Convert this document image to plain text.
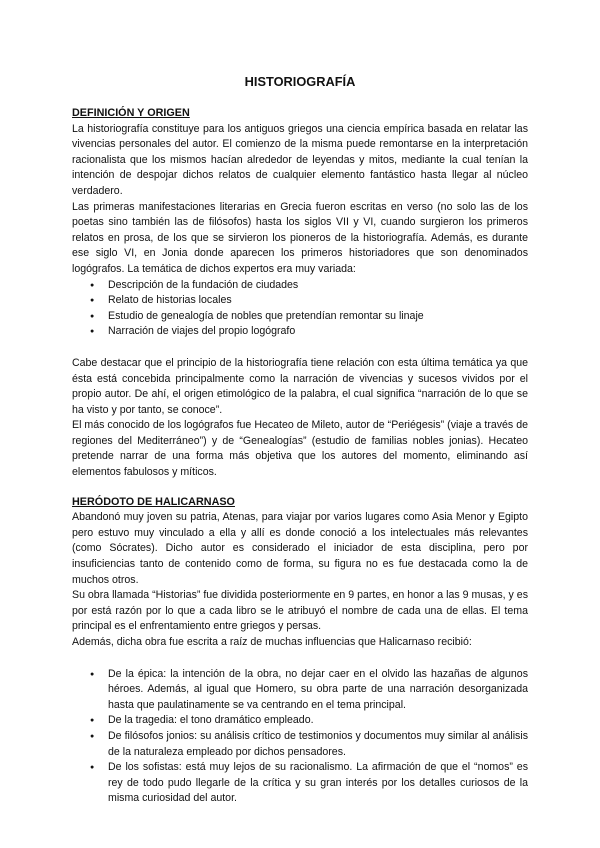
HISTORIOGRAFÍA
DEFINICIÓN Y ORIGEN

La historiografía constituye para los antiguos griegos una ciencia empírica basada en relatar las vivencias personales del autor. El comienzo de la misma puede remontarse en la interpretación racionalista que los mismos hacían alrededor de leyendas y mitos, mediante la cual tenían la intención de despojar dichos relatos de cualquier elemento fantástico hasta llegar al núcleo verdadero.

Las primeras manifestaciones literarias en Grecia fueron escritas en verso (no solo las de los poetas sino también las de filósofos) hasta los siglos VII y VI, cuando surgieron los primeros relatos en prosa, de los que se sirvieron los pioneros de la historiografía. Además, es durante ese siglo VI, en Jonia donde aparecen los primeros historiadores que son denominados logógrafos. La temática de dichos expertos era muy variada:

● Descripción de la fundación de ciudades
● Relato de historias locales
● Estudio de genealogía de nobles que pretendían remontar su linaje
● Narración de viajes del propio logógrafo

Cabe destacar que el principio de la historiografía tiene relación con esta última temática ya que ésta está concebida principalmente como la narración de vivencias y sucesos vividos por el propio autor. De ahí, el origen etimológico de la palabra, el cual significa “narración de lo que se ha visto y por tanto, se conoce”.

El más conocido de los logógrafos fue Hecateo de Mileto, autor de “Periégesis” (viaje a través de regiones del Mediterráneo”) y de “Genealogías” (estudio de familias nobles jonias). Hecateo pretende narrar de una forma más objetiva que los autores del momento, eliminando así elementos fabulosos y míticos.

HERÓDOTO DE HALICARNASO

Abandonó muy joven su patria, Atenas, para viajar por varios lugares como Asia Menor y Egipto pero estuvo muy vinculado a ella y allí es donde conoció a los intelectuales más relevantes (como Sócrates). Dicho autor es considerado el iniciador de esta disciplina, pero por insuficiencias tanto de contenido como de forma, su figura no es fue destacada como la de muchos otros.

Su obra llamada “Historias” fue dividida posteriormente en 9 partes, en honor a las 9 musas, y es por está razón por lo que a cada libro se le atribuyó el nombre de cada una de ellas. El tema principal es el enfrentamiento entre griegos y persas.

Además, dicha obra fue escrita a raíz de muchas influencias que Halicarnaso recibió:

● De la épica: la intención de la obra, no dejar caer en el olvido las hazañas de algunos héroes. Además, al igual que Homero, su obra parte de una narración desorganizada hasta que paulatinamente se va centrando en el tema principal.
● De la tragedia: el tono dramático empleado.
● De filósofos jonios: su análisis crítico de testimonios y documentos muy similar al análisis de la naturaleza empleado por dichos pensadores.
● De los sofistas: está muy lejos de su racionalismo. La afirmación de que el “nomos” es rey de todo pudo llegarle de la crítica y su gran interés por los detalles curiosos de la misma curiosidad del autor.
